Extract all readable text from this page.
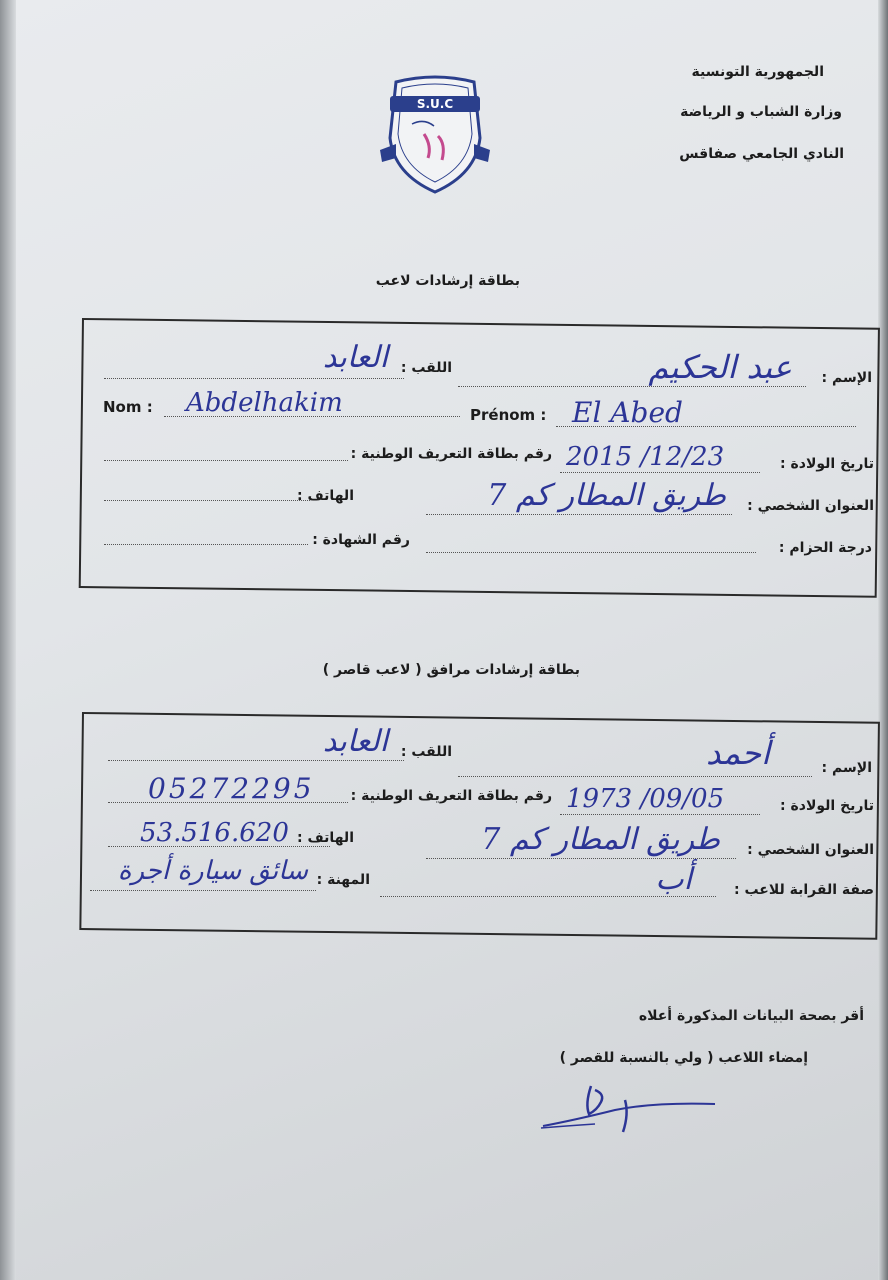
الجمهورية التونسية
وزارة الشباب و الرياضة
النادي الجامعي صفاقس
S.U.C
بطاقة إرشادات لاعب
الإسم :
عبد الحكيم
اللقب :
العابد
Nom : Abdelhakim	Prénom : El Abed
تاريخ الولادة :
2015 /12/23
رقم بطاقة التعريف الوطنية :
العنوان الشخصي :
طريق المطار كم 7
الهاتف :
درجة الحزام :
رقم الشهادة :
بطاقة إرشادات مرافق ( لاعب قاصر )
الإسم :
أحمد
اللقب :
العابد
تاريخ الولادة :
1973 /09/05
رقم بطاقة التعريف الوطنية :
05272295
العنوان الشخصي :
طريق المطار كم 7
الهاتف :
53.516.620
صفة القرابة للاعب :
أب
المهنة :
سائق سيارة أجرة
أقر بصحة البيانات المذكورة أعلاه
إمضاء اللاعب ( ولي بالنسبة للقصر )
